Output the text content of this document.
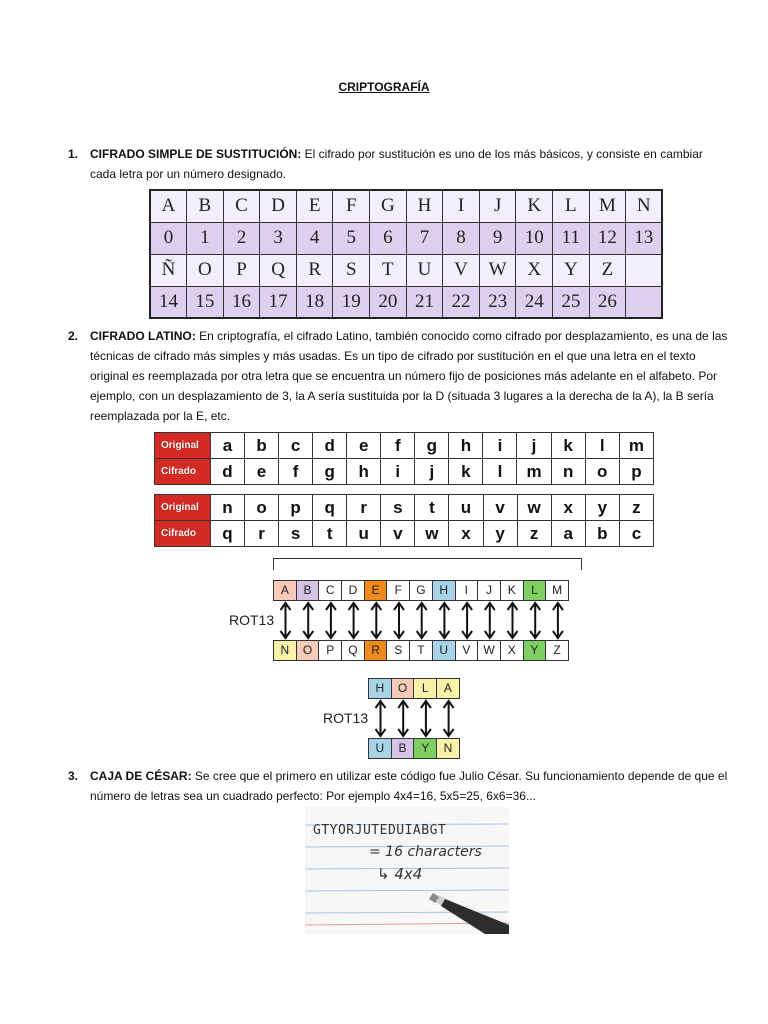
CRIPTOGRAFÍA
1. CIFRADO SIMPLE DE SUSTITUCIÓN: El cifrado por sustitución es uno de los más básicos, y consiste en cambiar cada letra por un número designado.
A	B	C	D	E	F	G	H	I	J	K	L	M	N
0	1	2	3	4	5	6	7	8	9	10	11	12	13
Ñ	O	P	Q	R	S	T	U	V	W	X	Y	Z	
14	15	16	17	18	19	20	21	22	23	24	25	26	
2. CIFRADO LATINO: En criptografía, el cifrado Latino, también conocido como cifrado por desplazamiento, es una de las técnicas de cifrado más simples y más usadas. Es un tipo de cifrado por sustitución en el que una letra en el texto original es reemplazada por otra letra que se encuentra un número fijo de posiciones más adelante en el alfabeto. Por ejemplo, con un desplazamiento de 3, la A sería sustituida por la D (situada 3 lugares a la derecha de la A), la B sería reemplazada por la E, etc.
Original	a	b	c	d	e	f	g	h	i	j	k	l	m
Cifrado	d	e	f	g	h	i	j	k	l	m	n	o	p
Original	n	o	p	q	r	s	t	u	v	w	x	y	z
Cifrado	q	r	s	t	u	v	w	x	y	z	a	b	c
A	B	C	D	E	F	G	H	I	J	K	L	M
N	O	P	Q	R	S	T	U	V	W	X	Y	Z
ROT13
H	O	L	A
U	B	Y	N
ROT13
3. CAJA DE CÉSAR: Se cree que el primero en utilizar este código fue Julio César. Su funcionamiento depende de que el número de letras sea un cuadrado perfecto: Por ejemplo 4x4=16, 5x5=25, 6x6=36...
GTYORJUTEDUIABGT
= 16 characters
↳ 4x4
